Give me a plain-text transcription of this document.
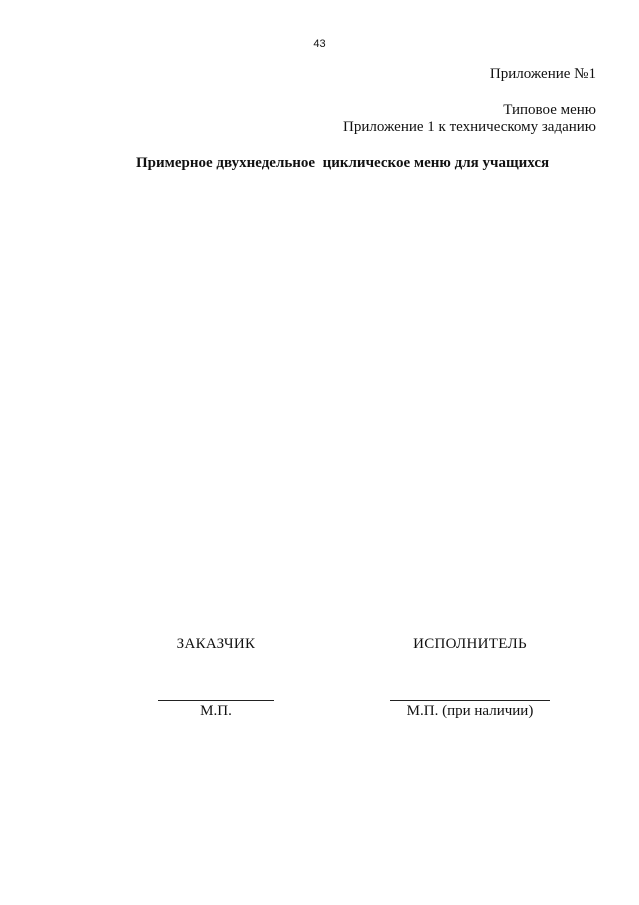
43
Приложение №1
Типовое меню
Приложение 1 к техническому заданию
Примерное двухнедельное  циклическое меню для учащихся
ЗАКАЗЧИК
М.П.
ИСПОЛНИТЕЛЬ
М.П. (при наличии)
